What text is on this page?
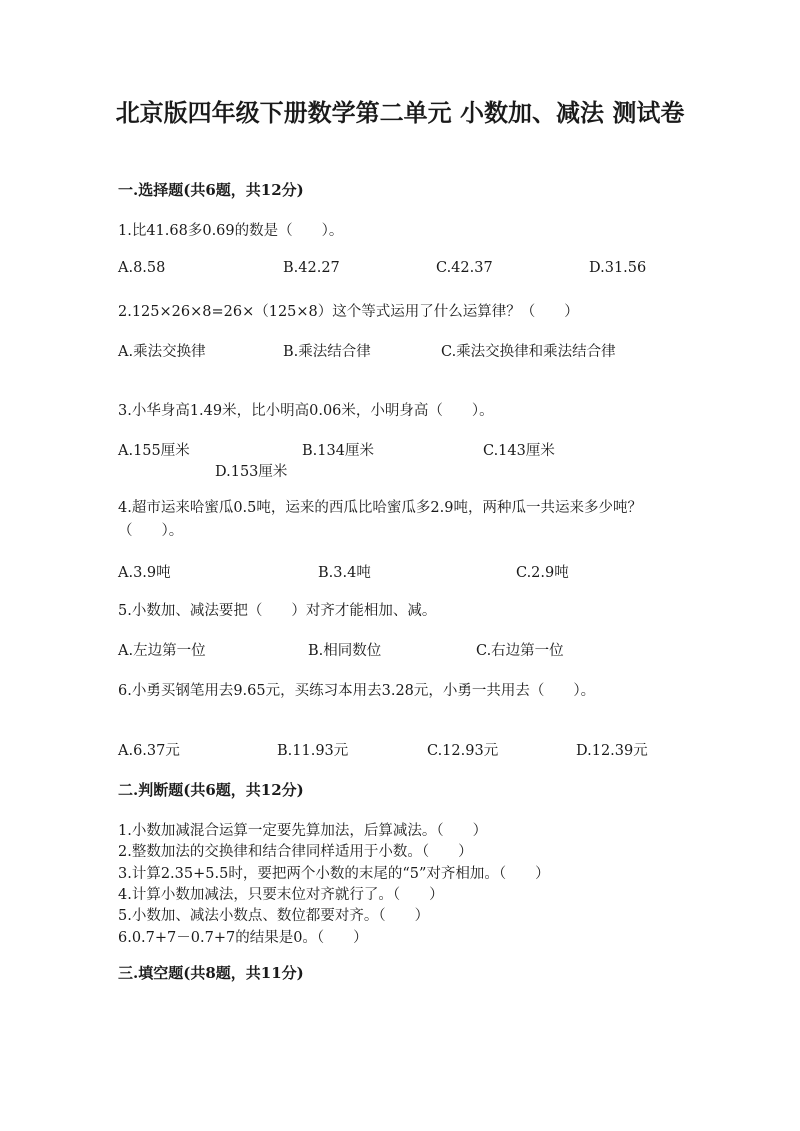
北京版四年级下册数学第二单元 小数加、减法 测试卷
一.选择题(共6题，共12分)
1.比41.68多0.69的数是（　　）。
A.8.58	B.42.27	C.42.37	D.31.56
2.125×26×8=26×（125×8）这个等式运用了什么运算律？（　　）
A.乘法交换律	B.乘法结合律	C.乘法交换律和乘法结合律
3.小华身高1.49米，比小明高0.06米，小明身高（　　）。
A.155厘米	B.134厘米	C.143厘米
D.153厘米
4.超市运来哈蜜瓜0.5吨，运来的西瓜比哈蜜瓜多2.9吨，两种瓜一共运来多少吨？（　　）。
A.3.9吨	B.3.4吨	C.2.9吨
5.小数加、减法要把（　　）对齐才能相加、减。
A.左边第一位	B.相同数位	C.右边第一位
6.小勇买钢笔用去9.65元，买练习本用去3.28元，小勇一共用去（　　）。
A.6.37元	B.11.93元	C.12.93元	D.12.39元
二.判断题(共6题，共12分)
1.小数加减混合运算一定要先算加法，后算减法。（　　）
2.整数加法的交换律和结合律同样适用于小数。（　　）
3.计算2.35+5.5时，要把两个小数的末尾的“5”对齐相加。（　　）
4.计算小数加减法，只要末位对齐就行了。（　　）
5.小数加、减法小数点、数位都要对齐。（　　）
6.0.7+7－0.7+7的结果是0。（　　）
三.填空题(共8题，共11分)
